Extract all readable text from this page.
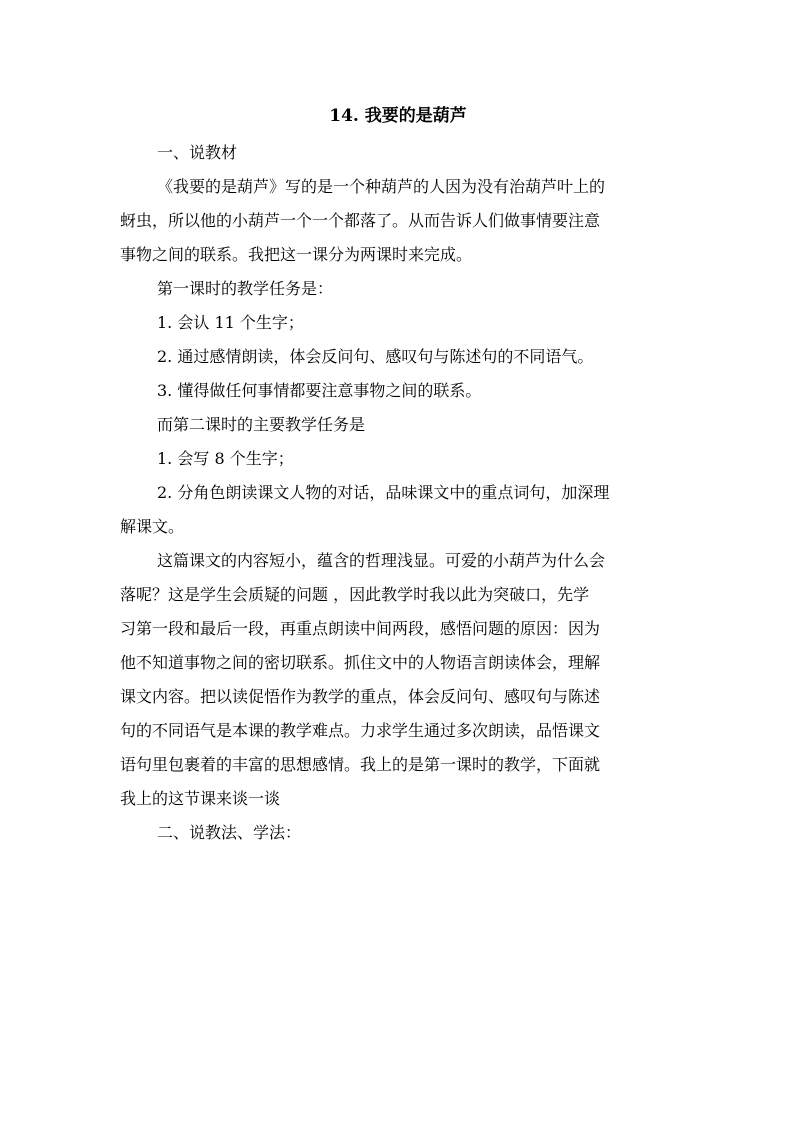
14. 我要的是葫芦

一、说教材

《我要的是葫芦》写的是一个种葫芦的人因为没有治葫芦叶上的

蚜虫，所以他的小葫芦一个一个都落了。从而告诉人们做事情要注意

事物之间的联系。我把这一课分为两课时来完成。

第一课时的教学任务是：

1. 会认 11 个生字；

2. 通过感情朗读，体会反问句、感叹句与陈述句的不同语气。

3. 懂得做任何事情都要注意事物之间的联系。

而第二课时的主要教学任务是

1. 会写 8 个生字；

2. 分角色朗读课文人物的对话，品味课文中的重点词句，加深理

解课文。

这篇课文的内容短小，蕴含的哲理浅显。可爱的小葫芦为什么会

落呢？这是学生会质疑的问题 ，因此教学时我以此为突破口，先学

习第一段和最后一段，再重点朗读中间两段，感悟问题的原因：因为

他不知道事物之间的密切联系。抓住文中的人物语言朗读体会，理解

课文内容。把以读促悟作为教学的重点，体会反问句、感叹句与陈述

句的不同语气是本课的教学难点。力求学生通过多次朗读，品悟课文

语句里包裹着的丰富的思想感情。我上的是第一课时的教学，下面就

我上的这节课来谈一谈

二、说教法、学法：
